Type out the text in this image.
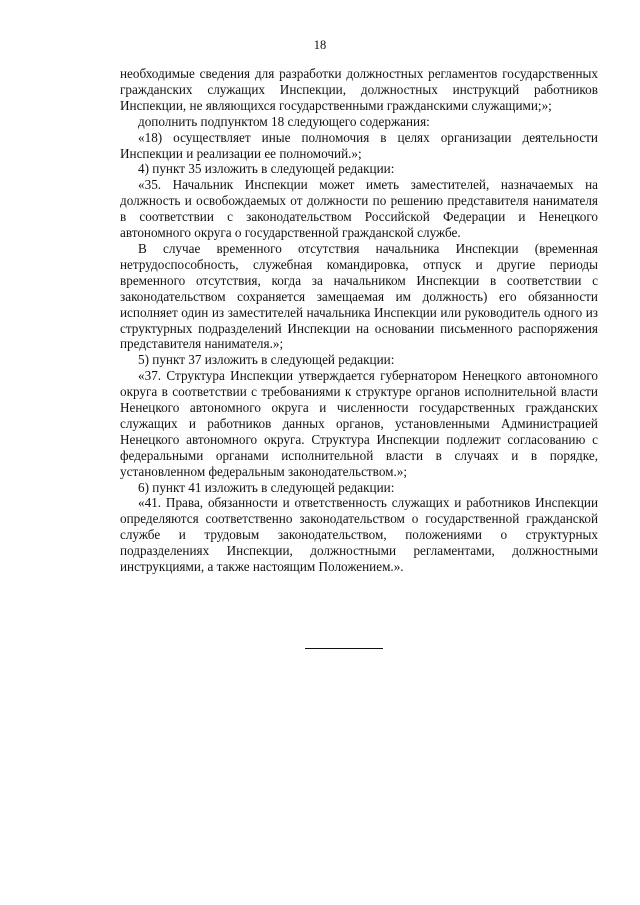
18

необходимые сведения для разработки должностных регламентов государственных гражданских служащих Инспекции, должностных инструкций работников Инспекции, не являющихся государственными гражданскими служащими;»;

дополнить подпунктом 18 следующего содержания:

«18) осуществляет иные полномочия в целях организации деятельности Инспекции и реализации ее полномочий.»;

4) пункт 35 изложить в следующей редакции:

«35. Начальник Инспекции может иметь заместителей, назначаемых на должность и освобождаемых от должности по решению представителя нанимателя в соответствии с законодательством Российской Федерации и Ненецкого автономного округа о государственной гражданской службе.

В случае временного отсутствия начальника Инспекции (временная нетрудоспособность, служебная командировка, отпуск и другие периоды временного отсутствия, когда за начальником Инспекции в соответствии с законодательством сохраняется замещаемая им должность) его обязанности исполняет один из заместителей начальника Инспекции или руководитель одного из структурных подразделений Инспекции на основании письменного распоряжения представителя нанимателя.»;

5) пункт 37 изложить в следующей редакции:

«37. Структура Инспекции утверждается губернатором Ненецкого автономного округа в соответствии с требованиями к структуре органов исполнительной власти Ненецкого автономного округа и численности государственных гражданских служащих и работников данных органов, установленными Администрацией Ненецкого автономного округа. Структура Инспекции подлежит согласованию с федеральными органами исполнительной власти в случаях и в порядке, установленном федеральным законодательством.»;

6) пункт 41 изложить в следующей редакции:

«41. Права, обязанности и ответственность служащих и работников Инспекции определяются соответственно законодательством о государственной гражданской службе и трудовым законодательством, положениями о структурных подразделениях Инспекции, должностными регламентами, должностными инструкциями, а также настоящим Положением.».
